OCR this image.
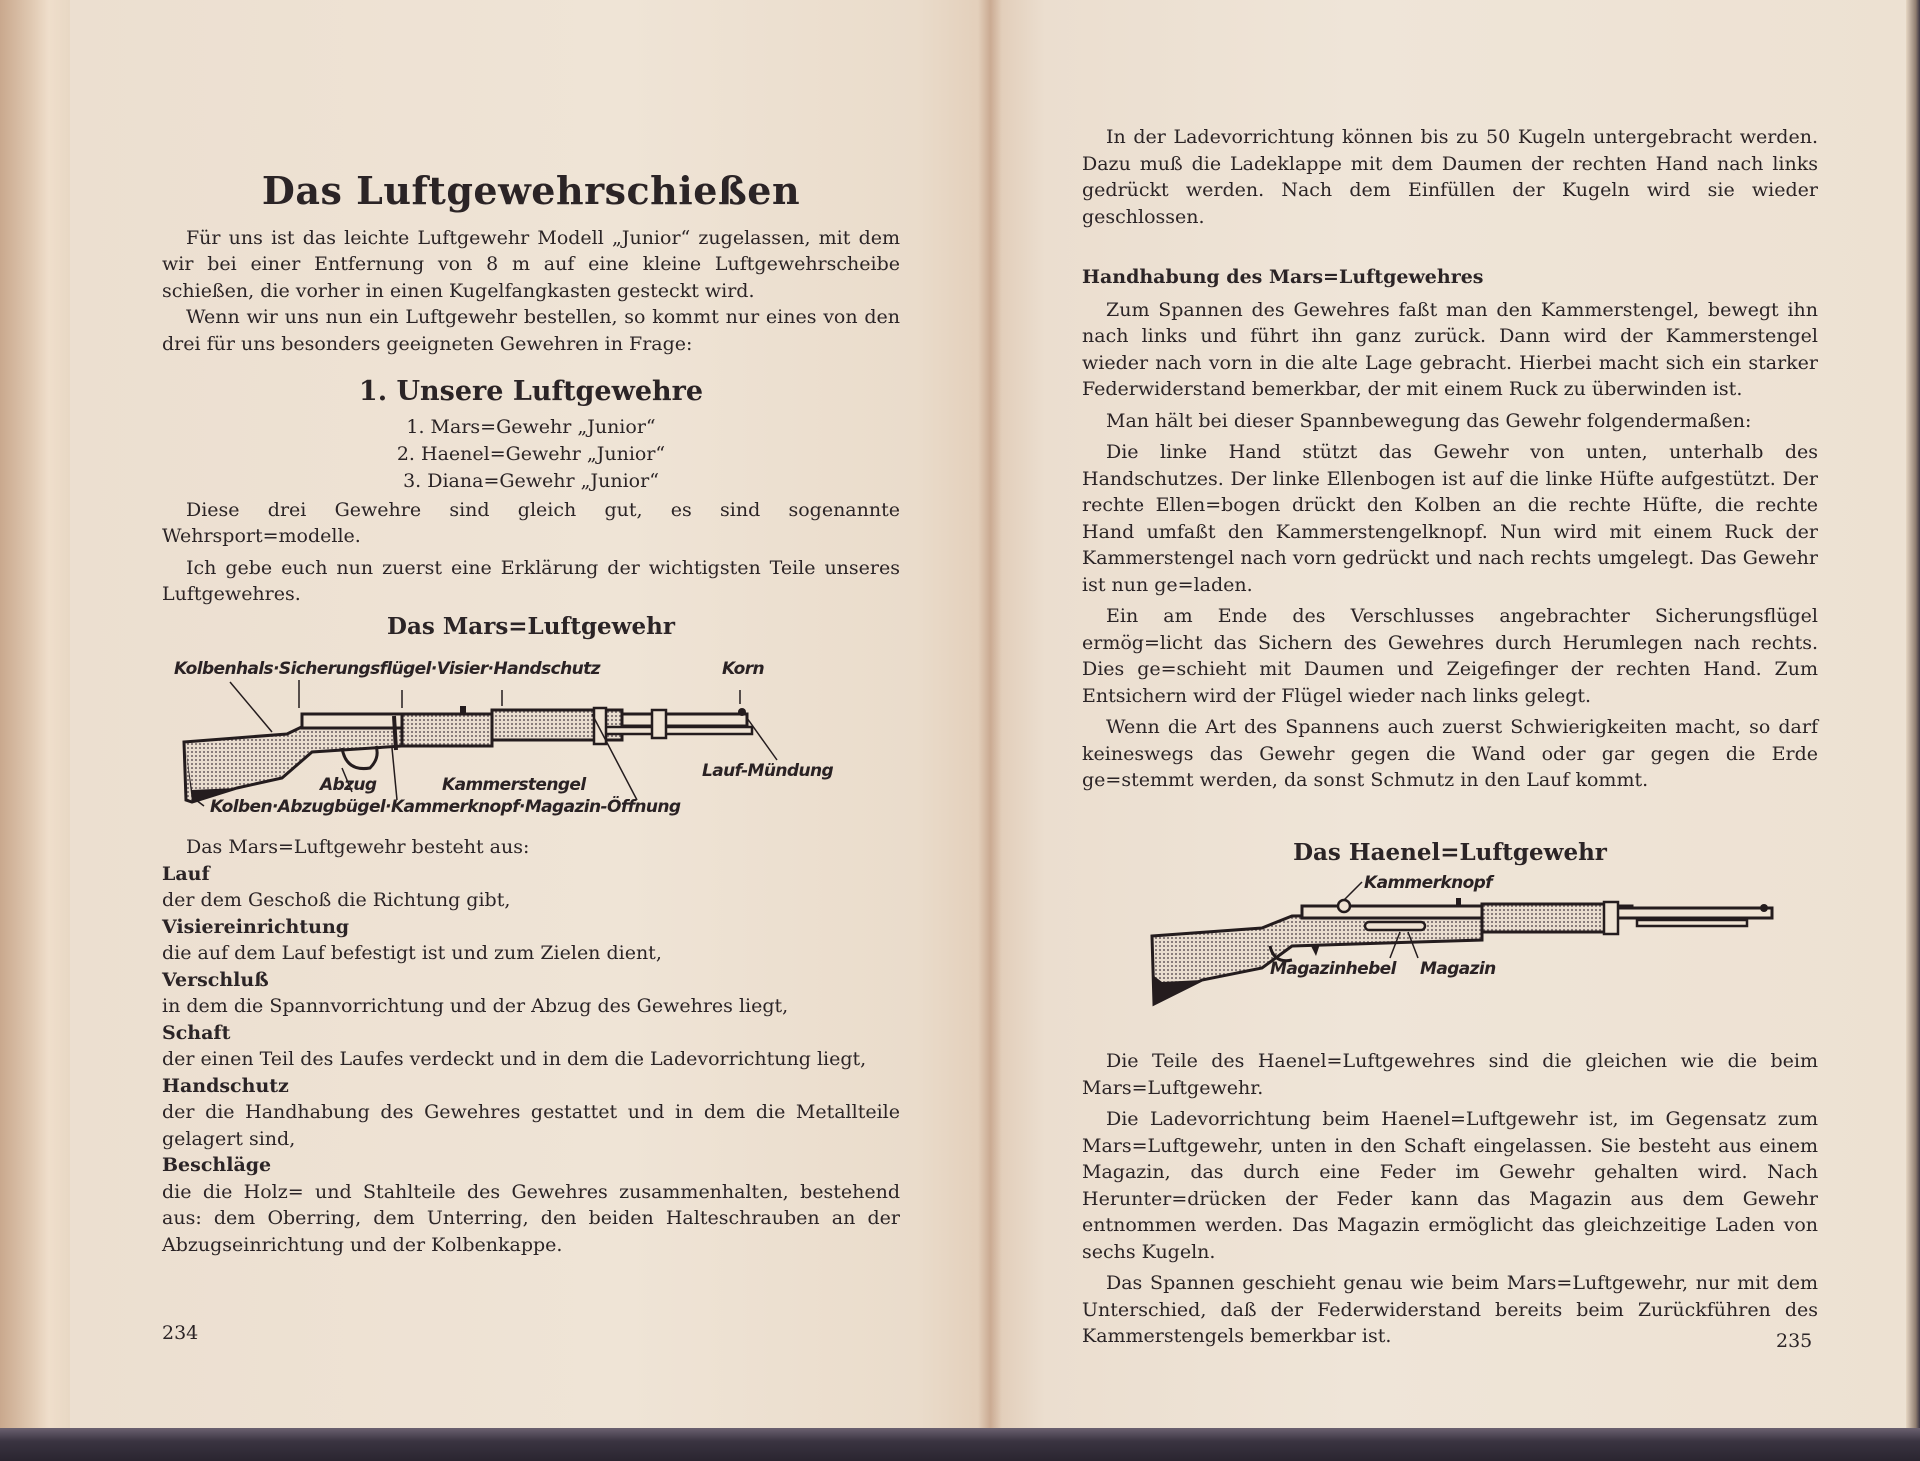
Das Luftgewehrschießen

Für uns ist das leichte Luftgewehr Modell „Junior“ zugelassen, mit dem wir bei einer Entfernung von 8 m auf eine kleine Luftgewehrscheibe schießen, die vorher in einen Kugelfangkasten gesteckt wird.

Wenn wir uns nun ein Luftgewehr bestellen, so kommt nur eines von den drei für uns besonders geeigneten Gewehren in Frage:

1. Unsere Luftgewehre
1. Mars=Gewehr „Junior“
2. Haenel=Gewehr „Junior“
3. Diana=Gewehr „Junior“

Diese drei Gewehre sind gleich gut, es sind sogenannte Wehrsport=modelle.

Ich gebe euch nun zuerst eine Erklärung der wichtigsten Teile unseres Luftgewehres.

Das Mars=Luftgewehr
Kolbenhals·Sicherungsflügel·Visier·Handschutz	Korn
Lauf-Mündung
Abzug	Kammerstengel
Kolben·Abzugbügel·Kammerknopf·Magazin-Öffnung

Das Mars=Luftgewehr besteht aus:

Lauf

der dem Geschoß die Richtung gibt,

Visiereinrichtung

die auf dem Lauf befestigt ist und zum Zielen dient,

Verschluß

in dem die Spannvorrichtung und der Abzug des Gewehres liegt,

Schaft

der einen Teil des Laufes verdeckt und in dem die Ladevorrichtung liegt,

Handschutz

der die Handhabung des Gewehres gestattet und in dem die Metallteile gelagert sind,

Beschläge

die die Holz= und Stahlteile des Gewehres zusammenhalten, bestehend aus: dem Oberring, dem Unterring, den beiden Halteschrauben an der Abzugseinrichtung und der Kolbenkappe.

234

In der Ladevorrichtung können bis zu 50 Kugeln untergebracht werden. Dazu muß die Ladeklappe mit dem Daumen der rechten Hand nach links gedrückt werden. Nach dem Einfüllen der Kugeln wird sie wieder geschlossen.

Handhabung des Mars=Luftgewehres

Zum Spannen des Gewehres faßt man den Kammerstengel, bewegt ihn nach links und führt ihn ganz zurück. Dann wird der Kammerstengel wieder nach vorn in die alte Lage gebracht. Hierbei macht sich ein starker Federwiderstand bemerkbar, der mit einem Ruck zu überwinden ist.

Man hält bei dieser Spannbewegung das Gewehr folgendermaßen:

Die linke Hand stützt das Gewehr von unten, unterhalb des Handschutzes. Der linke Ellenbogen ist auf die linke Hüfte aufgestützt. Der rechte Ellen=bogen drückt den Kolben an die rechte Hüfte, die rechte Hand umfaßt den Kammerstengelknopf. Nun wird mit einem Ruck der Kammerstengel nach vorn gedrückt und nach rechts umgelegt. Das Gewehr ist nun ge=laden.

Ein am Ende des Verschlusses angebrachter Sicherungsflügel ermög=licht das Sichern des Gewehres durch Herumlegen nach rechts. Dies ge=schieht mit Daumen und Zeigefinger der rechten Hand. Zum Entsichern wird der Flügel wieder nach links gelegt.

Wenn die Art des Spannens auch zuerst Schwierigkeiten macht, so darf keineswegs das Gewehr gegen die Wand oder gar gegen die Erde ge=stemmt werden, da sonst Schmutz in den Lauf kommt.

Das Haenel=Luftgewehr
Kammerknopf
Magazinhebel Magazin

Die Teile des Haenel=Luftgewehres sind die gleichen wie die beim Mars=Luftgewehr.

Die Ladevorrichtung beim Haenel=Luftgewehr ist, im Gegensatz zum Mars=Luftgewehr, unten in den Schaft eingelassen. Sie besteht aus einem Magazin, das durch eine Feder im Gewehr gehalten wird. Nach Herunter=drücken der Feder kann das Magazin aus dem Gewehr entnommen werden. Das Magazin ermöglicht das gleichzeitige Laden von sechs Kugeln.

Das Spannen geschieht genau wie beim Mars=Luftgewehr, nur mit dem Unterschied, daß der Federwiderstand bereits beim Zurückführen des Kammerstengels bemerkbar ist.	235
